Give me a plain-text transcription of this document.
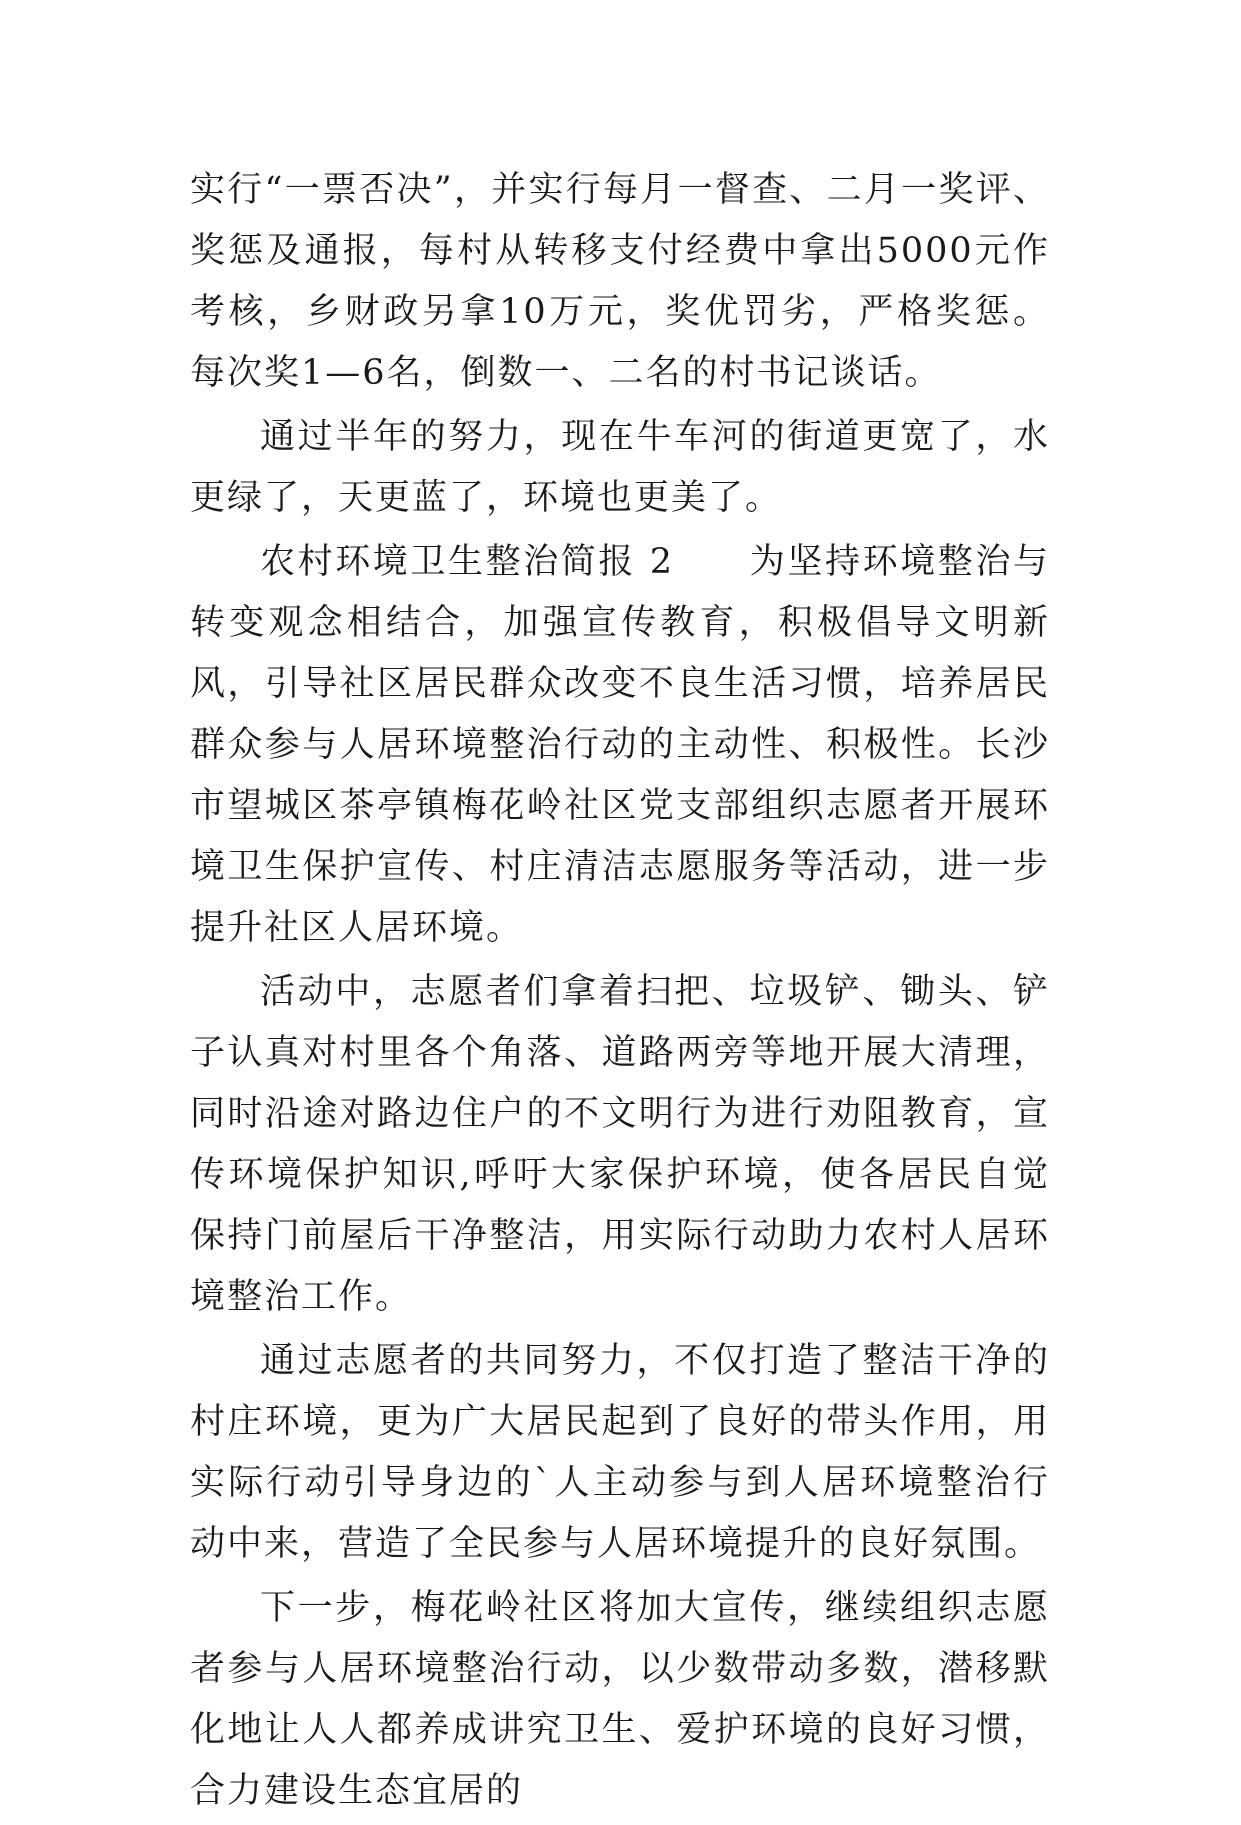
实行“一票否决”，并实行每月一督查、二月一奖评、奖惩及通报，每村从转移支付经费中拿出5000元作考核，乡财政另拿10万元，奖优罚劣，严格奖惩。每次奖1—6名，倒数一、二名的村书记谈话。

通过半年的努力，现在牛车河的街道更宽了，水更绿了，天更蓝了，环境也更美了。

农村环境卫生整治简报 2　　为坚持环境整治与转变观念相结合，加强宣传教育，积极倡导文明新风，引导社区居民群众改变不良生活习惯，培养居民群众参与人居环境整治行动的主动性、积极性。长沙市望城区茶亭镇梅花岭社区党支部组织志愿者开展环境卫生保护宣传、村庄清洁志愿服务等活动，进一步提升社区人居环境。

活动中，志愿者们拿着扫把、垃圾铲、锄头、铲子认真对村里各个角落、道路两旁等地开展大清理，同时沿途对路边住户的不文明行为进行劝阻教育，宣传环境保护知识,呼吁大家保护环境，使各居民自觉保持门前屋后干净整洁，用实际行动助力农村人居环境整治工作。

通过志愿者的共同努力，不仅打造了整洁干净的村庄环境，更为广大居民起到了良好的带头作用，用实际行动引导身边的`人主动参与到人居环境整治行动中来，营造了全民参与人居环境提升的良好氛围。

下一步，梅花岭社区将加大宣传，继续组织志愿者参与人居环境整治行动，以少数带动多数，潜移默化地让人人都养成讲究卫生、爱护环境的良好习惯，合力建设生态宜居的
